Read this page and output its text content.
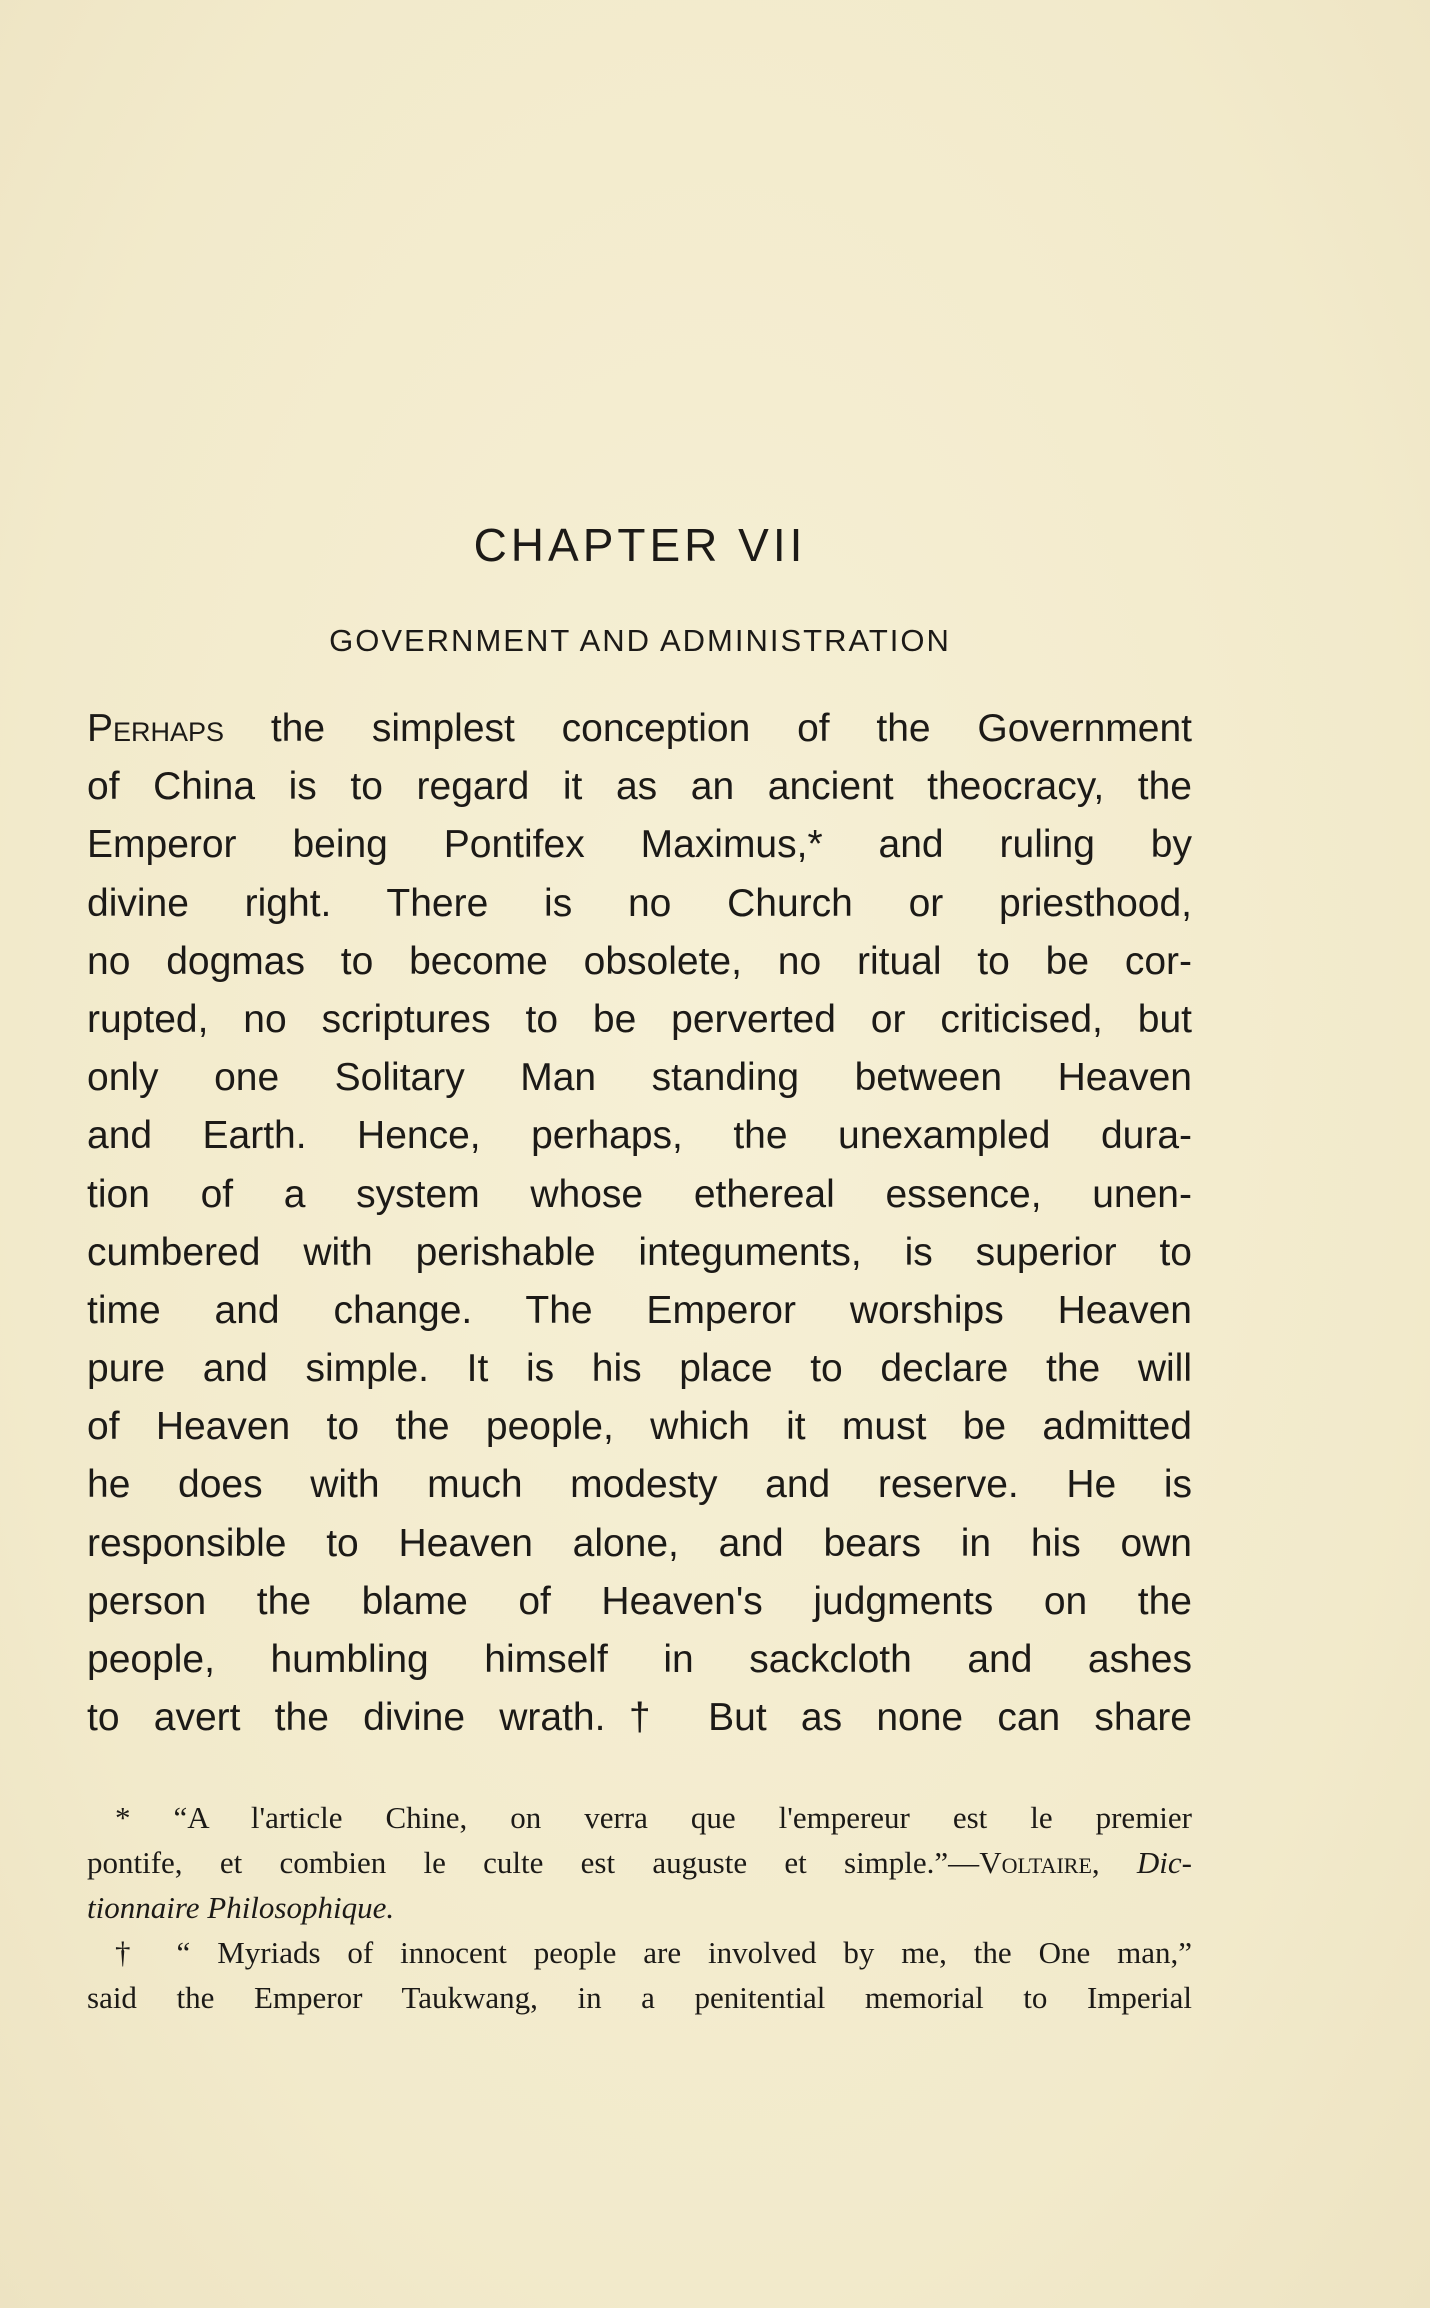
CHAPTER VII
GOVERNMENT AND ADMINISTRATION
Perhaps the simplest conception of the Government
of China is to regard it as an ancient theocracy, the
Emperor being Pontifex Maximus,* and ruling by
divine right. There is no Church or priesthood,
no dogmas to become obsolete, no ritual to be cor-
rupted, no scriptures to be perverted or criticised, but
only one Solitary Man standing between Heaven
and Earth. Hence, perhaps, the unexampled dura-
tion of a system whose ethereal essence, unen-
cumbered with perishable integuments, is superior to
time and change. The Emperor worships Heaven
pure and simple. It is his place to declare the will
of Heaven to the people, which it must be admitted
he does with much modesty and reserve. He is
responsible to Heaven alone, and bears in his own
person the blame of Heaven's judgments on the
people, humbling himself in sackcloth and ashes
to avert the divine wrath.† But as none can share
* “A l'article Chine, on verra que l'empereur est le premier
pontife, et combien le culte est auguste et simple.”—Voltaire, Dic-
tionnaire Philosophique.
† “ Myriads of innocent people are involved by me, the One man,”
said the Emperor Taukwang, in a penitential memorial to Imperial
